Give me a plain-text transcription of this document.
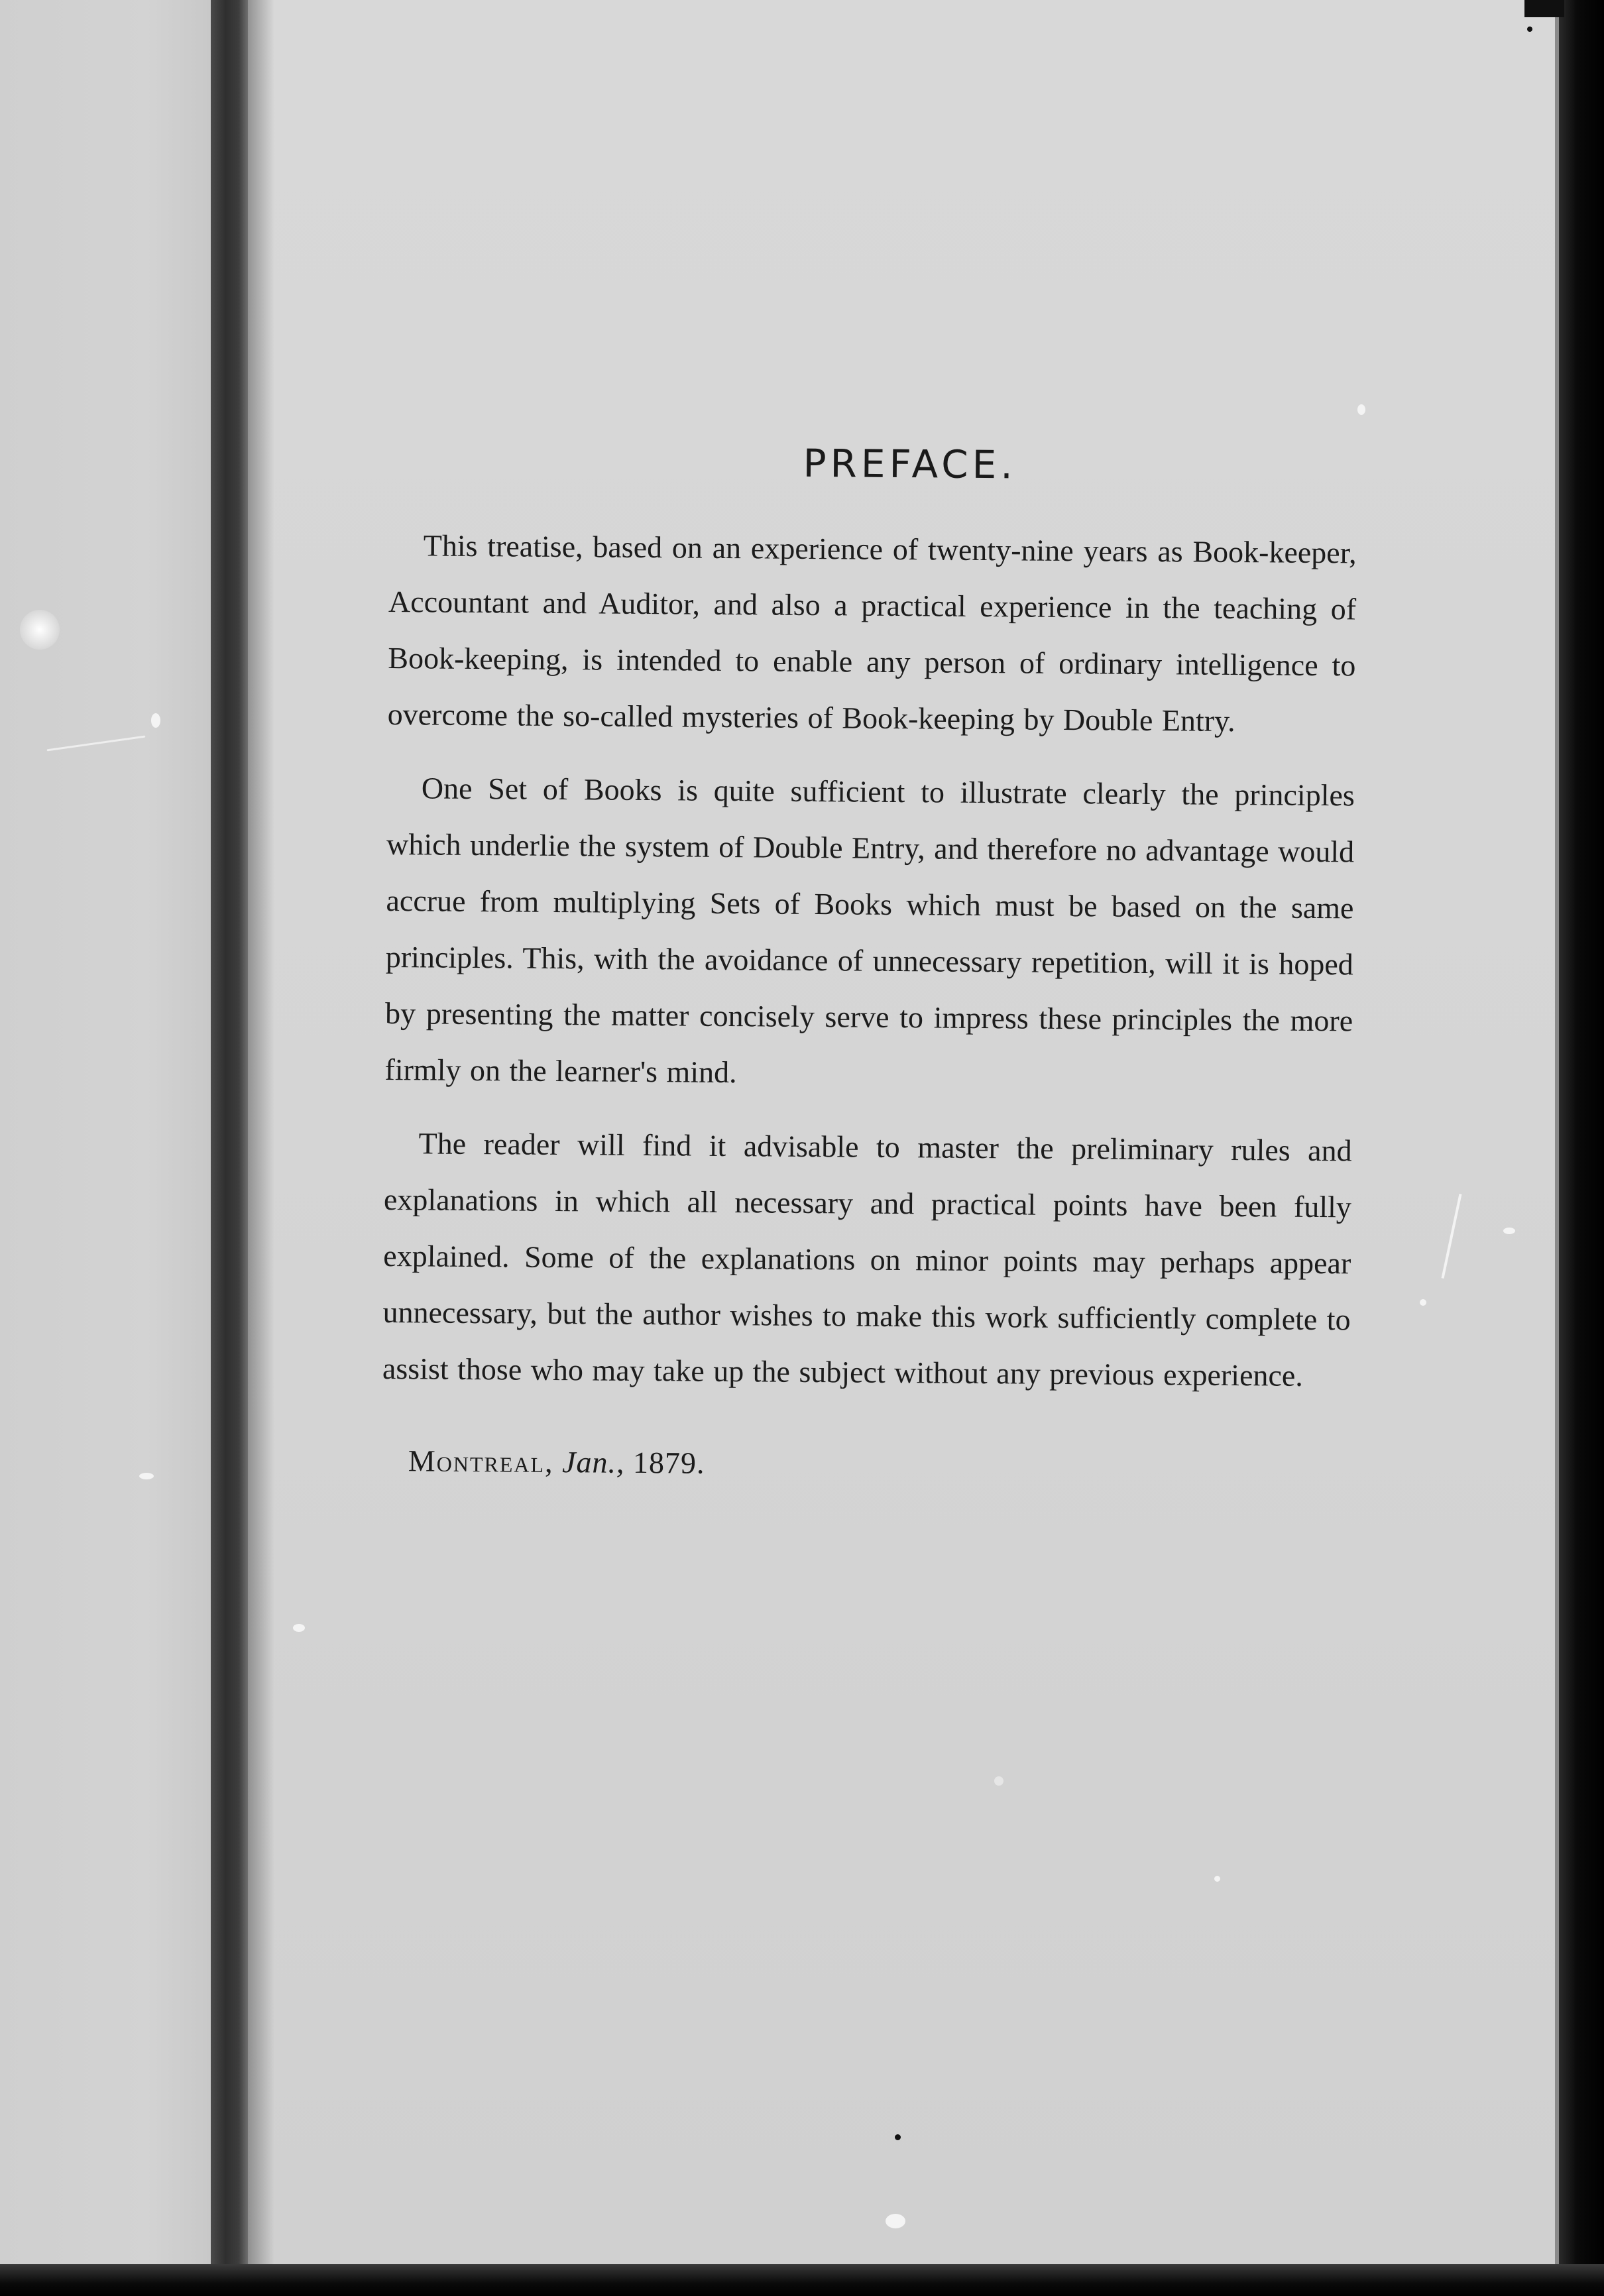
PREFACE.

This treatise, based on an experience of twenty-nine years as Book-keeper, Accountant and Auditor, and also a practical experience in the teaching of Book-keeping, is intended to enable any person of ordinary intelligence to overcome the so-called mysteries of Book-keeping by Double Entry.

One Set of Books is quite sufficient to illustrate clearly the principles which underlie the system of Double Entry, and therefore no advantage would accrue from multiplying Sets of Books which must be based on the same principles. This, with the avoidance of unnecessary repetition, will it is hoped by presenting the matter concisely serve to impress these principles the more firmly on the learner's mind.

The reader will find it advisable to master the preliminary rules and explanations in which all necessary and practical points have been fully explained. Some of the explanations on minor points may perhaps appear unnecessary, but the author wishes to make this work sufficiently complete to assist those who may take up the subject without any previous experience.

Montreal, Jan., 1879.
